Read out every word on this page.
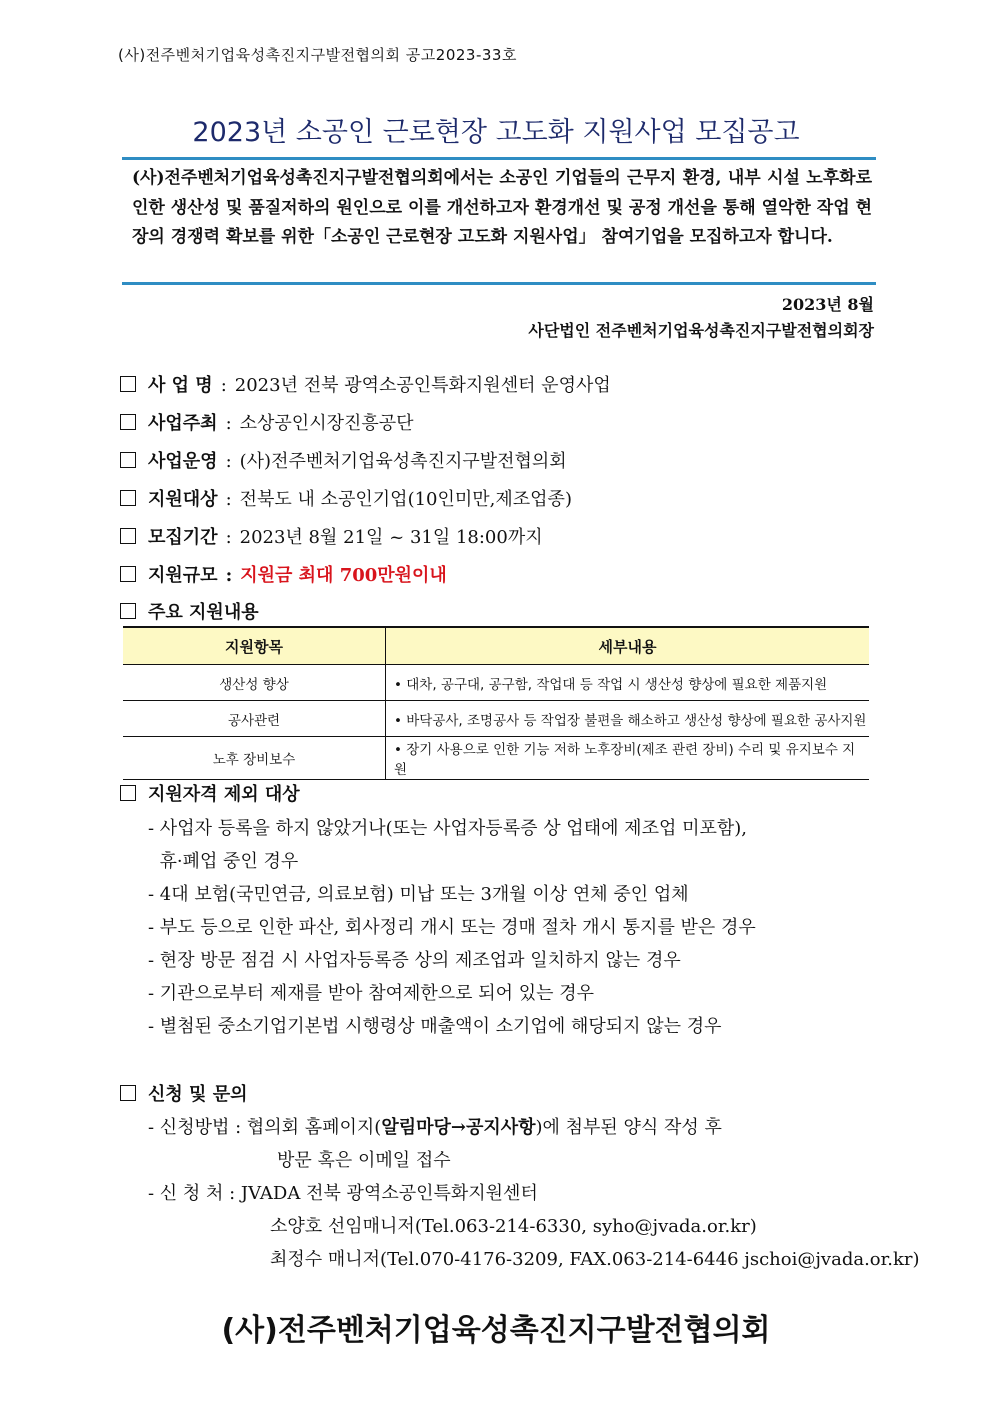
(사)전주벤처기업육성촉진지구발전협의회 공고2023-33호
2023년 소공인 근로현장 고도화 지원사업 모집공고
(사)전주벤처기업육성촉진지구발전협의회에서는 소공인 기업들의 근무지 환경, 내부 시설 노후화로 인한 생산성 및 품질저하의 원인으로 이를 개선하고자 환경개선 및 공정 개선을 통해 열악한 작업 현장의 경쟁력 확보를 위한「소공인 근로현장 고도화 지원사업」 참여기업을 모집하고자 합니다.
2023년 8월
사단법인 전주벤처기업육성촉진지구발전협의회장
사 업 명 : 2023년 전북 광역소공인특화지원센터 운영사업
사업주최 : 소상공인시장진흥공단
사업운영 : (사)전주벤처기업육성촉진지구발전협의회
지원대상 : 전북도 내 소공인기업(10인미만,제조업종)
모집기간 : 2023년 8월 21일 ~ 31일 18:00까지
지원규모 : 지원금 최대 700만원이내
주요 지원내용
지원항목	세부내용
생산성 향상	• 대차, 공구대, 공구함, 작업대 등 작업 시 생산성 향상에 필요한 제품지원
공사관련	• 바닥공사, 조명공사 등 작업장 불편을 해소하고 생산성 향상에 필요한 공사지원
노후 장비보수	• 장기 사용으로 인한 기능 저하 노후장비(제조 관련 장비) 수리 및 유지보수 지원
지원자격 제외 대상
- 사업자 등록을 하지 않았거나(또는 사업자등록증 상 업태에 제조업 미포함),
휴·폐업 중인 경우
- 4대 보험(국민연금, 의료보험) 미납 또는 3개월 이상 연체 중인 업체
- 부도 등으로 인한 파산, 회사정리 개시 또는 경매 절차 개시 통지를 받은 경우
- 현장 방문 점검 시 사업자등록증 상의 제조업과 일치하지 않는 경우
- 기관으로부터 제재를 받아 참여제한으로 되어 있는 경우
- 별첨된 중소기업기본법 시행령상 매출액이 소기업에 해당되지 않는 경우
신청 및 문의
- 신청방법 : 협의회 홈페이지(알림마당→공지사항)에 첨부된 양식 작성 후
방문 혹은 이메일 접수
- 신 청 처 : JVADA 전북 광역소공인특화지원센터
소양호 선임매니저(Tel.063-214-6330, syho@jvada.or.kr)
최정수 매니저(Tel.070-4176-3209, FAX.063-214-6446 jschoi@jvada.or.kr)
(사)전주벤처기업육성촉진지구발전협의회
